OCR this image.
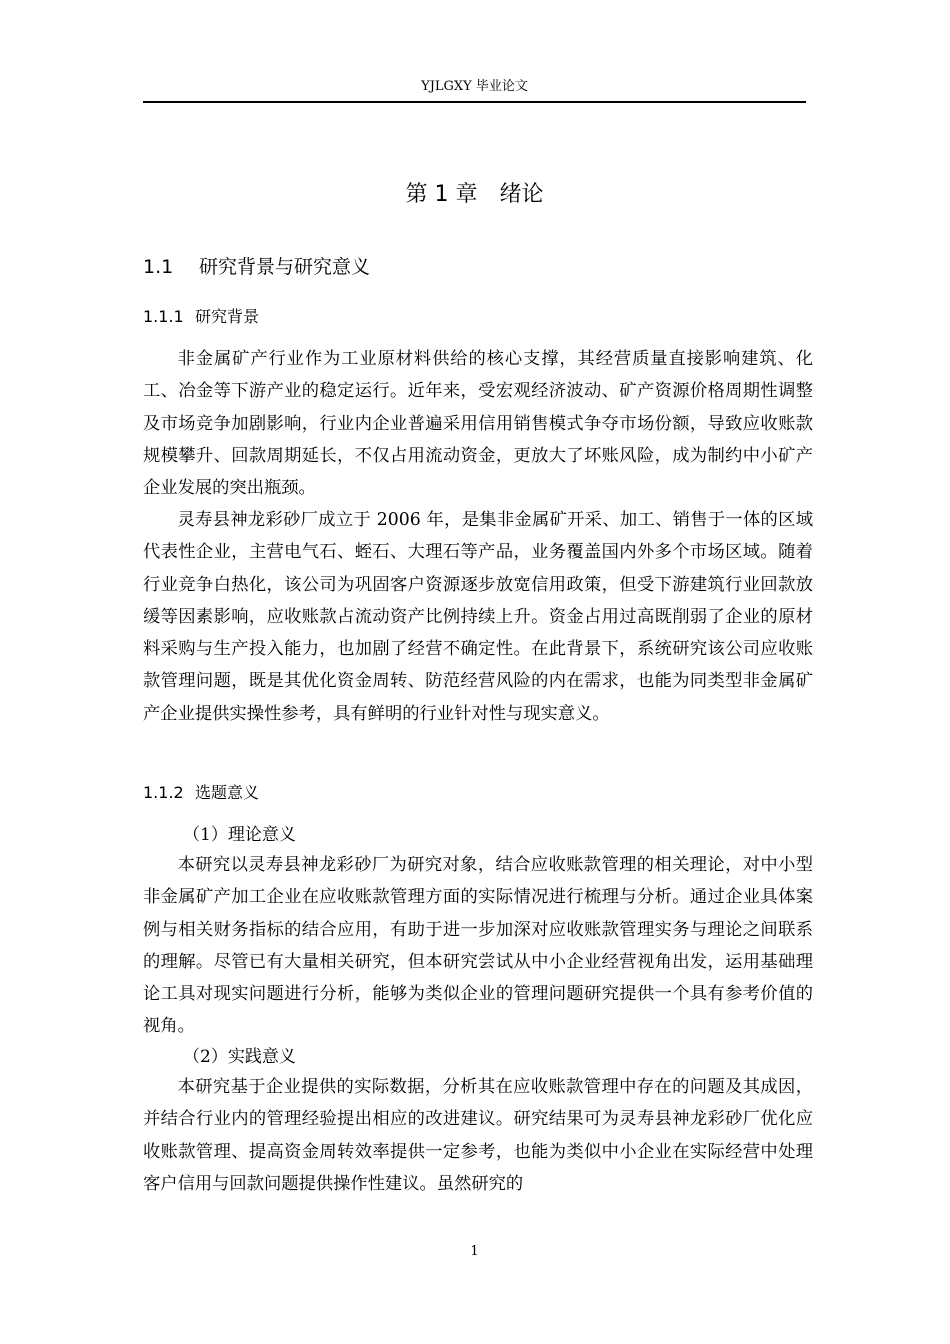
YJLGXY 毕业论文
第 1 章　绪论
1.1 研究背景与研究意义
1.1.1 研究背景

非金属矿产行业作为工业原材料供给的核心支撑，其经营质量直接影响建筑、化工、冶金等下游产业的稳定运行。近年来，受宏观经济波动、矿产资源价格周期性调整及市场竞争加剧影响，行业内企业普遍采用信用销售模式争夺市场份额，导致应收账款规模攀升、回款周期延长，不仅占用流动资金，更放大了坏账风险，成为制约中小矿产企业发展的突出瓶颈。

灵寿县神龙彩砂厂成立于 2006 年，是集非金属矿开采、加工、销售于一体的区域代表性企业，主营电气石、蛭石、大理石等产品，业务覆盖国内外多个市场区域。随着行业竞争白热化，该公司为巩固客户资源逐步放宽信用政策，但受下游建筑行业回款放缓等因素影响，应收账款占流动资产比例持续上升。资金占用过高既削弱了企业的原材料采购与生产投入能力，也加剧了经营不确定性。在此背景下，系统研究该公司应收账款管理问题，既是其优化资金周转、防范经营风险的内在需求，也能为同类型非金属矿产企业提供实操性参考，具有鲜明的行业针对性与现实意义。

1.1.2 选题意义
（1）理论意义

本研究以灵寿县神龙彩砂厂为研究对象，结合应收账款管理的相关理论，对中小型非金属矿产加工企业在应收账款管理方面的实际情况进行梳理与分析。通过企业具体案例与相关财务指标的结合应用，有助于进一步加深对应收账款管理实务与理论之间联系的理解。尽管已有大量相关研究，但本研究尝试从中小企业经营视角出发，运用基础理论工具对现实问题进行分析，能够为类似企业的管理问题研究提供一个具有参考价值的视角。

（2）实践意义

本研究基于企业提供的实际数据，分析其在应收账款管理中存在的问题及其成因，并结合行业内的管理经验提出相应的改进建议。研究结果可为灵寿县神龙彩砂厂优化应收账款管理、提高资金周转效率提供一定参考，也能为类似中小企业在实际经营中处理客户信用与回款问题提供操作性建议。虽然研究的

1
